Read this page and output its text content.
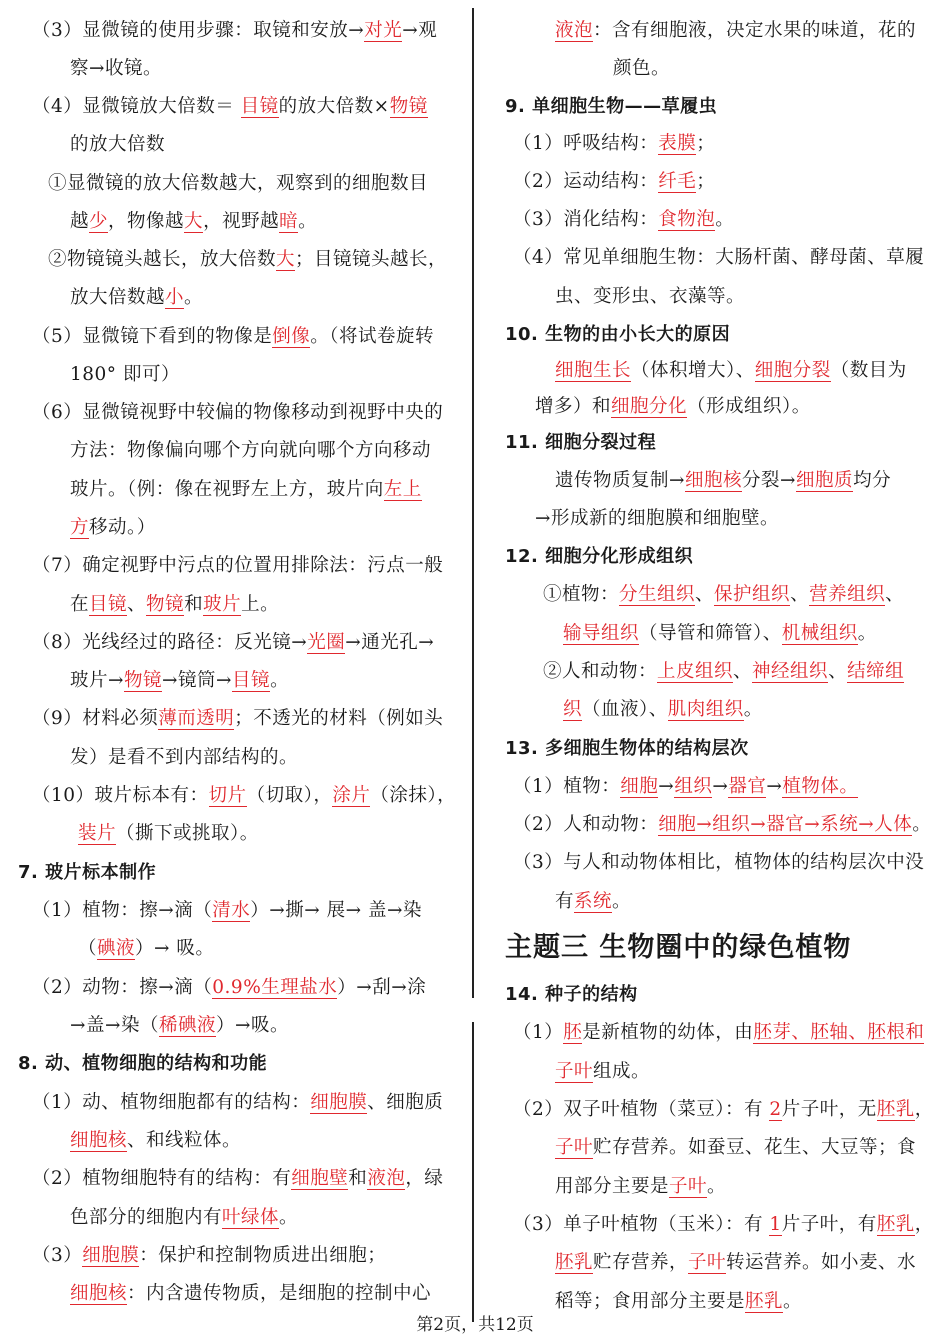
（3）显微镜的使用步骤：取镜和安放→对光→观
察→收镜。
（4）显微镜放大倍数＝ 目镜的放大倍数×物镜
的放大倍数
①显微镜的放大倍数越大，观察到的细胞数目
越少，物像越大，视野越暗。
②物镜镜头越长，放大倍数大；目镜镜头越长，
放大倍数越小。
（5）显微镜下看到的物像是倒像。（将试卷旋转
180° 即可）
（6）显微镜视野中较偏的物像移动到视野中央的
方法：物像偏向哪个方向就向哪个方向移动
玻片。（例：像在视野左上方，玻片向左上
方移动。）
（7）确定视野中污点的位置用排除法：污点一般
在目镜、物镜和玻片上。
（8）光线经过的路径：反光镜→光圈→通光孔→
玻片→物镜→镜筒→目镜。
（9）材料必须薄而透明；不透光的材料（例如头
发）是看不到内部结构的。
（10）玻片标本有：切片（切取），涂片（涂抹），
装片（撕下或挑取）。
7. 玻片标本制作
（1）植物：擦→滴（清水）→撕→ 展→ 盖→染
（碘液）→ 吸。
（2）动物：擦→滴（0.9%生理盐水）→刮→涂
→盖→染（稀碘液）→吸。
8. 动、植物细胞的结构和功能
（1）动、植物细胞都有的结构：细胞膜、细胞质
细胞核、和线粒体。
（2）植物细胞特有的结构：有细胞壁和液泡，绿
色部分的细胞内有叶绿体。
（3）细胞膜：保护和控制物质进出细胞；
细胞核：内含遗传物质，是细胞的控制中心
液泡：含有细胞液，决定水果的味道，花的
颜色。
9. 单细胞生物——草履虫
（1）呼吸结构：表膜；
（2）运动结构：纤毛；
（3）消化结构：食物泡。
（4）常见单细胞生物：大肠杆菌、酵母菌、草履
虫、变形虫、衣藻等。
10. 生物的由小长大的原因
细胞生长（体积增大）、细胞分裂（数目为
增多）和细胞分化（形成组织）。
11. 细胞分裂过程
遗传物质复制→细胞核分裂→细胞质均分
→形成新的细胞膜和细胞壁。
12. 细胞分化形成组织
①植物：分生组织、保护组织、营养组织、
输导组织（导管和筛管）、机械组织。
②人和动物：上皮组织、神经组织、结缔组
织（血液）、肌肉组织。
13. 多细胞生物体的结构层次
（1）植物：细胞→组织→器官→植物体。
（2）人和动物：细胞→组织→器官→系统→人体。
（3）与人和动物体相比，植物体的结构层次中没
有系统。
主题三 生物圈中的绿色植物
14. 种子的结构
（1）胚是新植物的幼体，由胚芽、胚轴、胚根和
子叶组成。
（2）双子叶植物（菜豆）：有 2片子叶，无胚乳，
子叶贮存营养。如蚕豆、花生、大豆等；食
用部分主要是子叶。
（3）单子叶植物（玉米）：有 1片子叶，有胚乳，
胚乳贮存营养，子叶转运营养。如小麦、水
稻等；食用部分主要是胚乳。
第2页，共12页
